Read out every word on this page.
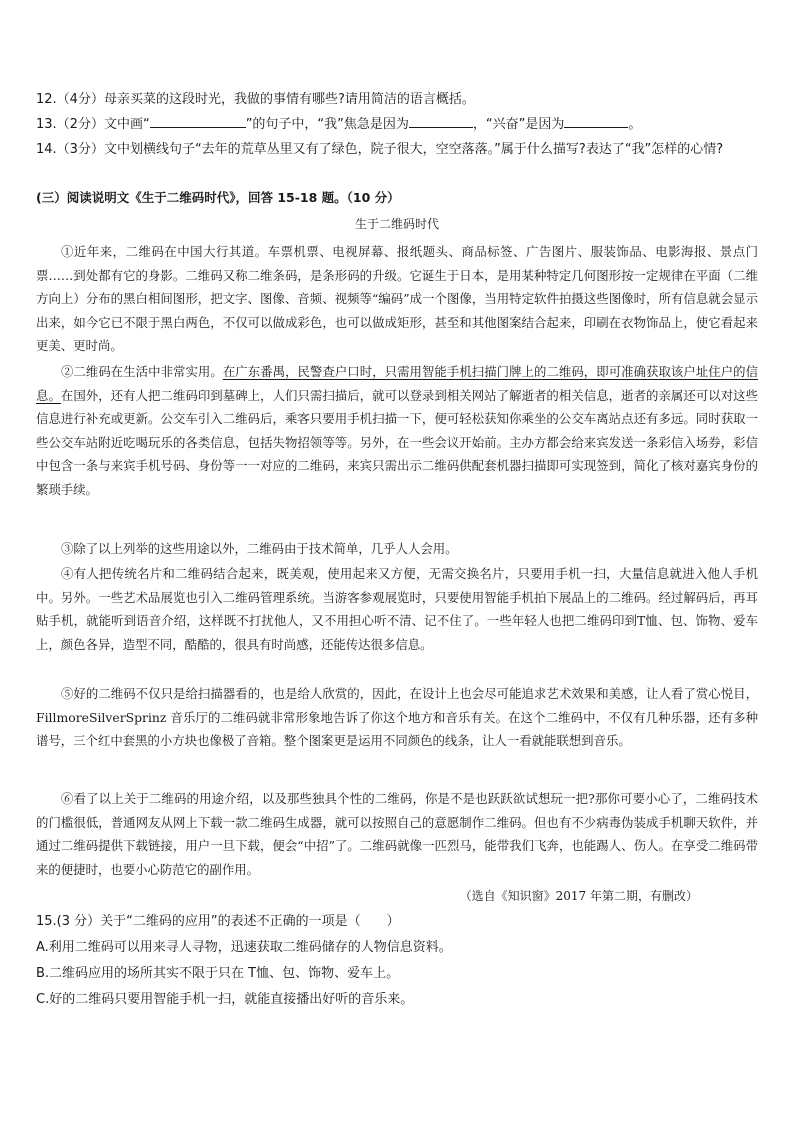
12.（4分）母亲买菜的这段时光，我做的事情有哪些?请用简洁的语言概括。

13.（2分）文中画“	”的句子中，“我”焦急是因为	，“兴奋”是因为	。

14.（3分）文中划横线句子“去年的荒草丛里又有了绿色，院子很大，空空落落。”属于什么描写?表达了“我”怎样的心情?

(三）阅读说明文《生于二维码时代》，回答 15-18 题。（10 分）

生于二维码时代

①近年来，二维码在中国大行其道。车票机票、电视屏幕、报纸题头、商品标签、广告图片、服装饰品、电影海报、景点门票……到处都有它的身影。二维码又称二维条码，是条形码的升级。它诞生于日本，是用某种特定几何图形按一定规律在平面（二维方向上）分布的黑白相间图形，把文字、图像、音频、视频等“编码”成一个图像，当用特定软件拍摄这些图像时，所有信息就会显示出来，如今它已不限于黑白两色，不仅可以做成彩色，也可以做成矩形，甚至和其他图案结合起来，印刷在衣物饰品上，使它看起来更美、更时尚。

②二维码在生活中非常实用。在广东番禺，民警查户口时，只需用智能手机扫描门牌上的二维码，即可准确获取该户址住户的信息。在国外，还有人把二维码印到墓碑上，人们只需扫描后，就可以登录到相关网站了解逝者的相关信息，逝者的亲属还可以对这些信息进行补充或更新。公交车引入二维码后，乘客只要用手机扫描一下，便可轻松获知你乘坐的公交车离站点还有多远。同时获取一些公交车站附近吃喝玩乐的各类信息，包括失物招领等等。另外，在一些会议开始前。主办方都会给来宾发送一条彩信入场券，彩信中包含一条与来宾手机号码、身份等一一对应的二维码，来宾只需出示二维码供配套机器扫描即可实现签到，简化了核对嘉宾身份的繁琐手续。

③除了以上列举的这些用途以外，二维码由于技术简单，几乎人人会用。

④有人把传统名片和二维码结合起来，既美观，使用起来又方便，无需交换名片，只要用手机一扫，大量信息就进入他人手机中。另外。一些艺术品展览也引入二维码管理系统。当游客参观展览时，只要使用智能手机拍下展品上的二维码。经过解码后，再耳贴手机，就能听到语音介绍，这样既不打扰他人，又不用担心听不清、记不住了。一些年轻人也把二维码印到T恤、包、饰物、爱车上，颜色各异，造型不同，酷酷的，很具有时尚感，还能传达很多信息。

⑤好的二维码不仅只是给扫描器看的，也是给人欣赏的，因此，在设计上也会尽可能追求艺术效果和美感，让人看了赏心悦目，FillmoreSilverSprinz 音乐厅的二维码就非常形象地告诉了你这个地方和音乐有关。在这个二维码中，不仅有几种乐器，还有多种谱号，三个红中套黑的小方块也像极了音箱。整个图案更是运用不同颜色的线条，让人一看就能联想到音乐。

⑥看了以上关于二维码的用途介绍，以及那些独具个性的二维码，你是不是也跃跃欲试想玩一把?那你可要小心了，二维码技术的门槛很低，普通网友从网上下载一款二维码生成器，就可以按照自己的意愿制作二维码。但也有不少病毒伪装成手机聊天软件，并通过二维码提供下载链接，用户一旦下载，便会“中招”了。二维码就像一匹烈马，能带我们飞奔，也能踢人、伤人。在享受二维码带来的便捷时，也要小心防范它的副作用。

（选自《知识窗》2017 年第二期，有删改）

15.(3 分）关于“二维码的应用”的表述不正确的一项是（　　）

A.利用二维码可以用来寻人寻物，迅速获取二维码储存的人物信息资料。

B.二维码应用的场所其实不限于只在 T恤、包、饰物、爱车上。

C.好的二维码只要用智能手机一扫，就能直接播出好听的音乐来。
